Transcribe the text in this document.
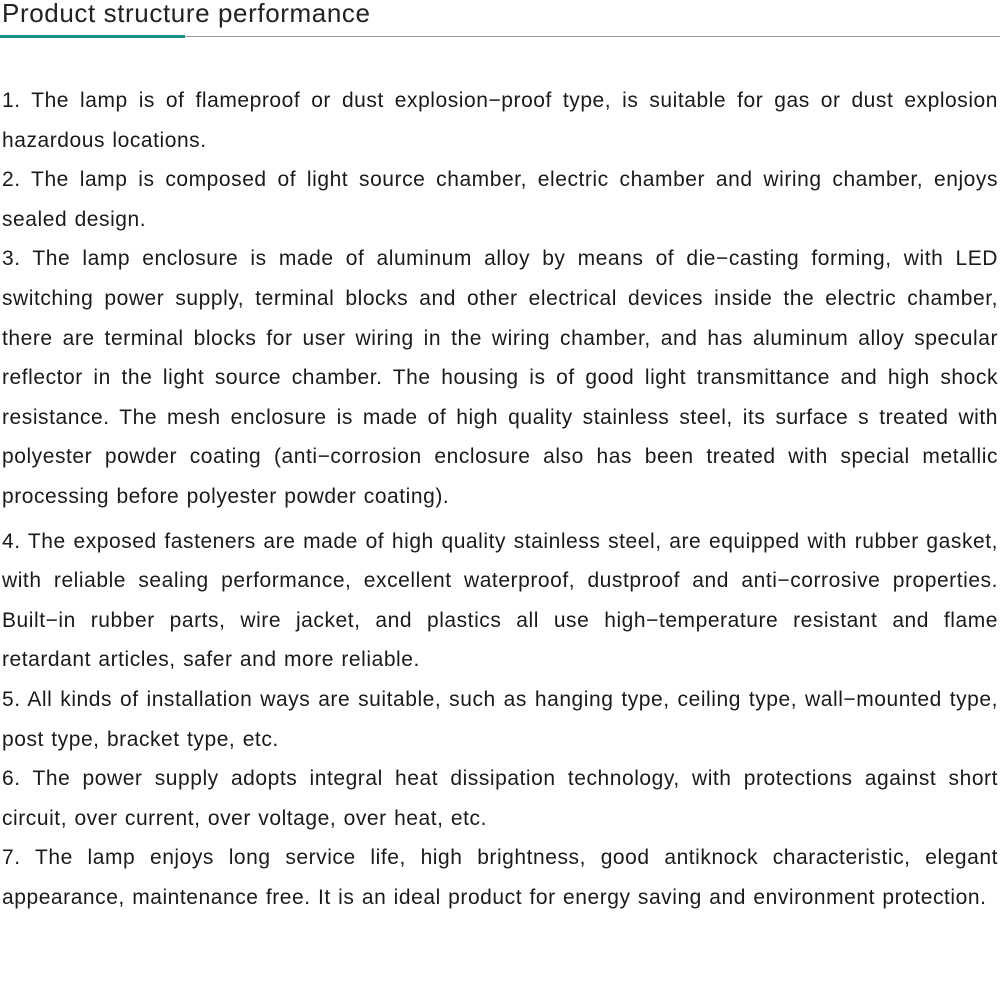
Product structure performance

1. The lamp is of flameproof or dust explosion−proof type, is suitable for gas or dust explosion hazardous locations.

2. The lamp is composed of light source chamber, electric chamber and wiring chamber, enjoys sealed design.

3. The lamp enclosure is made of aluminum alloy by means of die−casting forming, with LED switching power supply, terminal blocks and other electrical devices inside the electric chamber, there are terminal blocks for user wiring in the wiring chamber, and has aluminum alloy specular reflector in the light source chamber. The housing is of good light transmittance and high shock resistance. The mesh enclosure is made of high quality stainless steel, its surface s treated with polyester powder coating (anti−corrosion enclosure also has been treated with special metallic processing before polyester powder coating).

4. The exposed fasteners are made of high quality stainless steel, are equipped with rubber gasket, with reliable sealing performance, excellent waterproof, dustproof and anti−corrosive properties. Built−in rubber parts, wire jacket, and plastics all use high−temperature resistant and flame retardant articles, safer and more reliable.

5. All kinds of installation ways are suitable, such as hanging type, ceiling type, wall−mounted type, post type, bracket type, etc.

6. The power supply adopts integral heat dissipation technology, with protections against short circuit, over current, over voltage, over heat, etc.

7. The lamp enjoys long service life, high brightness, good antiknock characteristic, elegant appearance, maintenance free. It is an ideal product for energy saving and environment protection.
